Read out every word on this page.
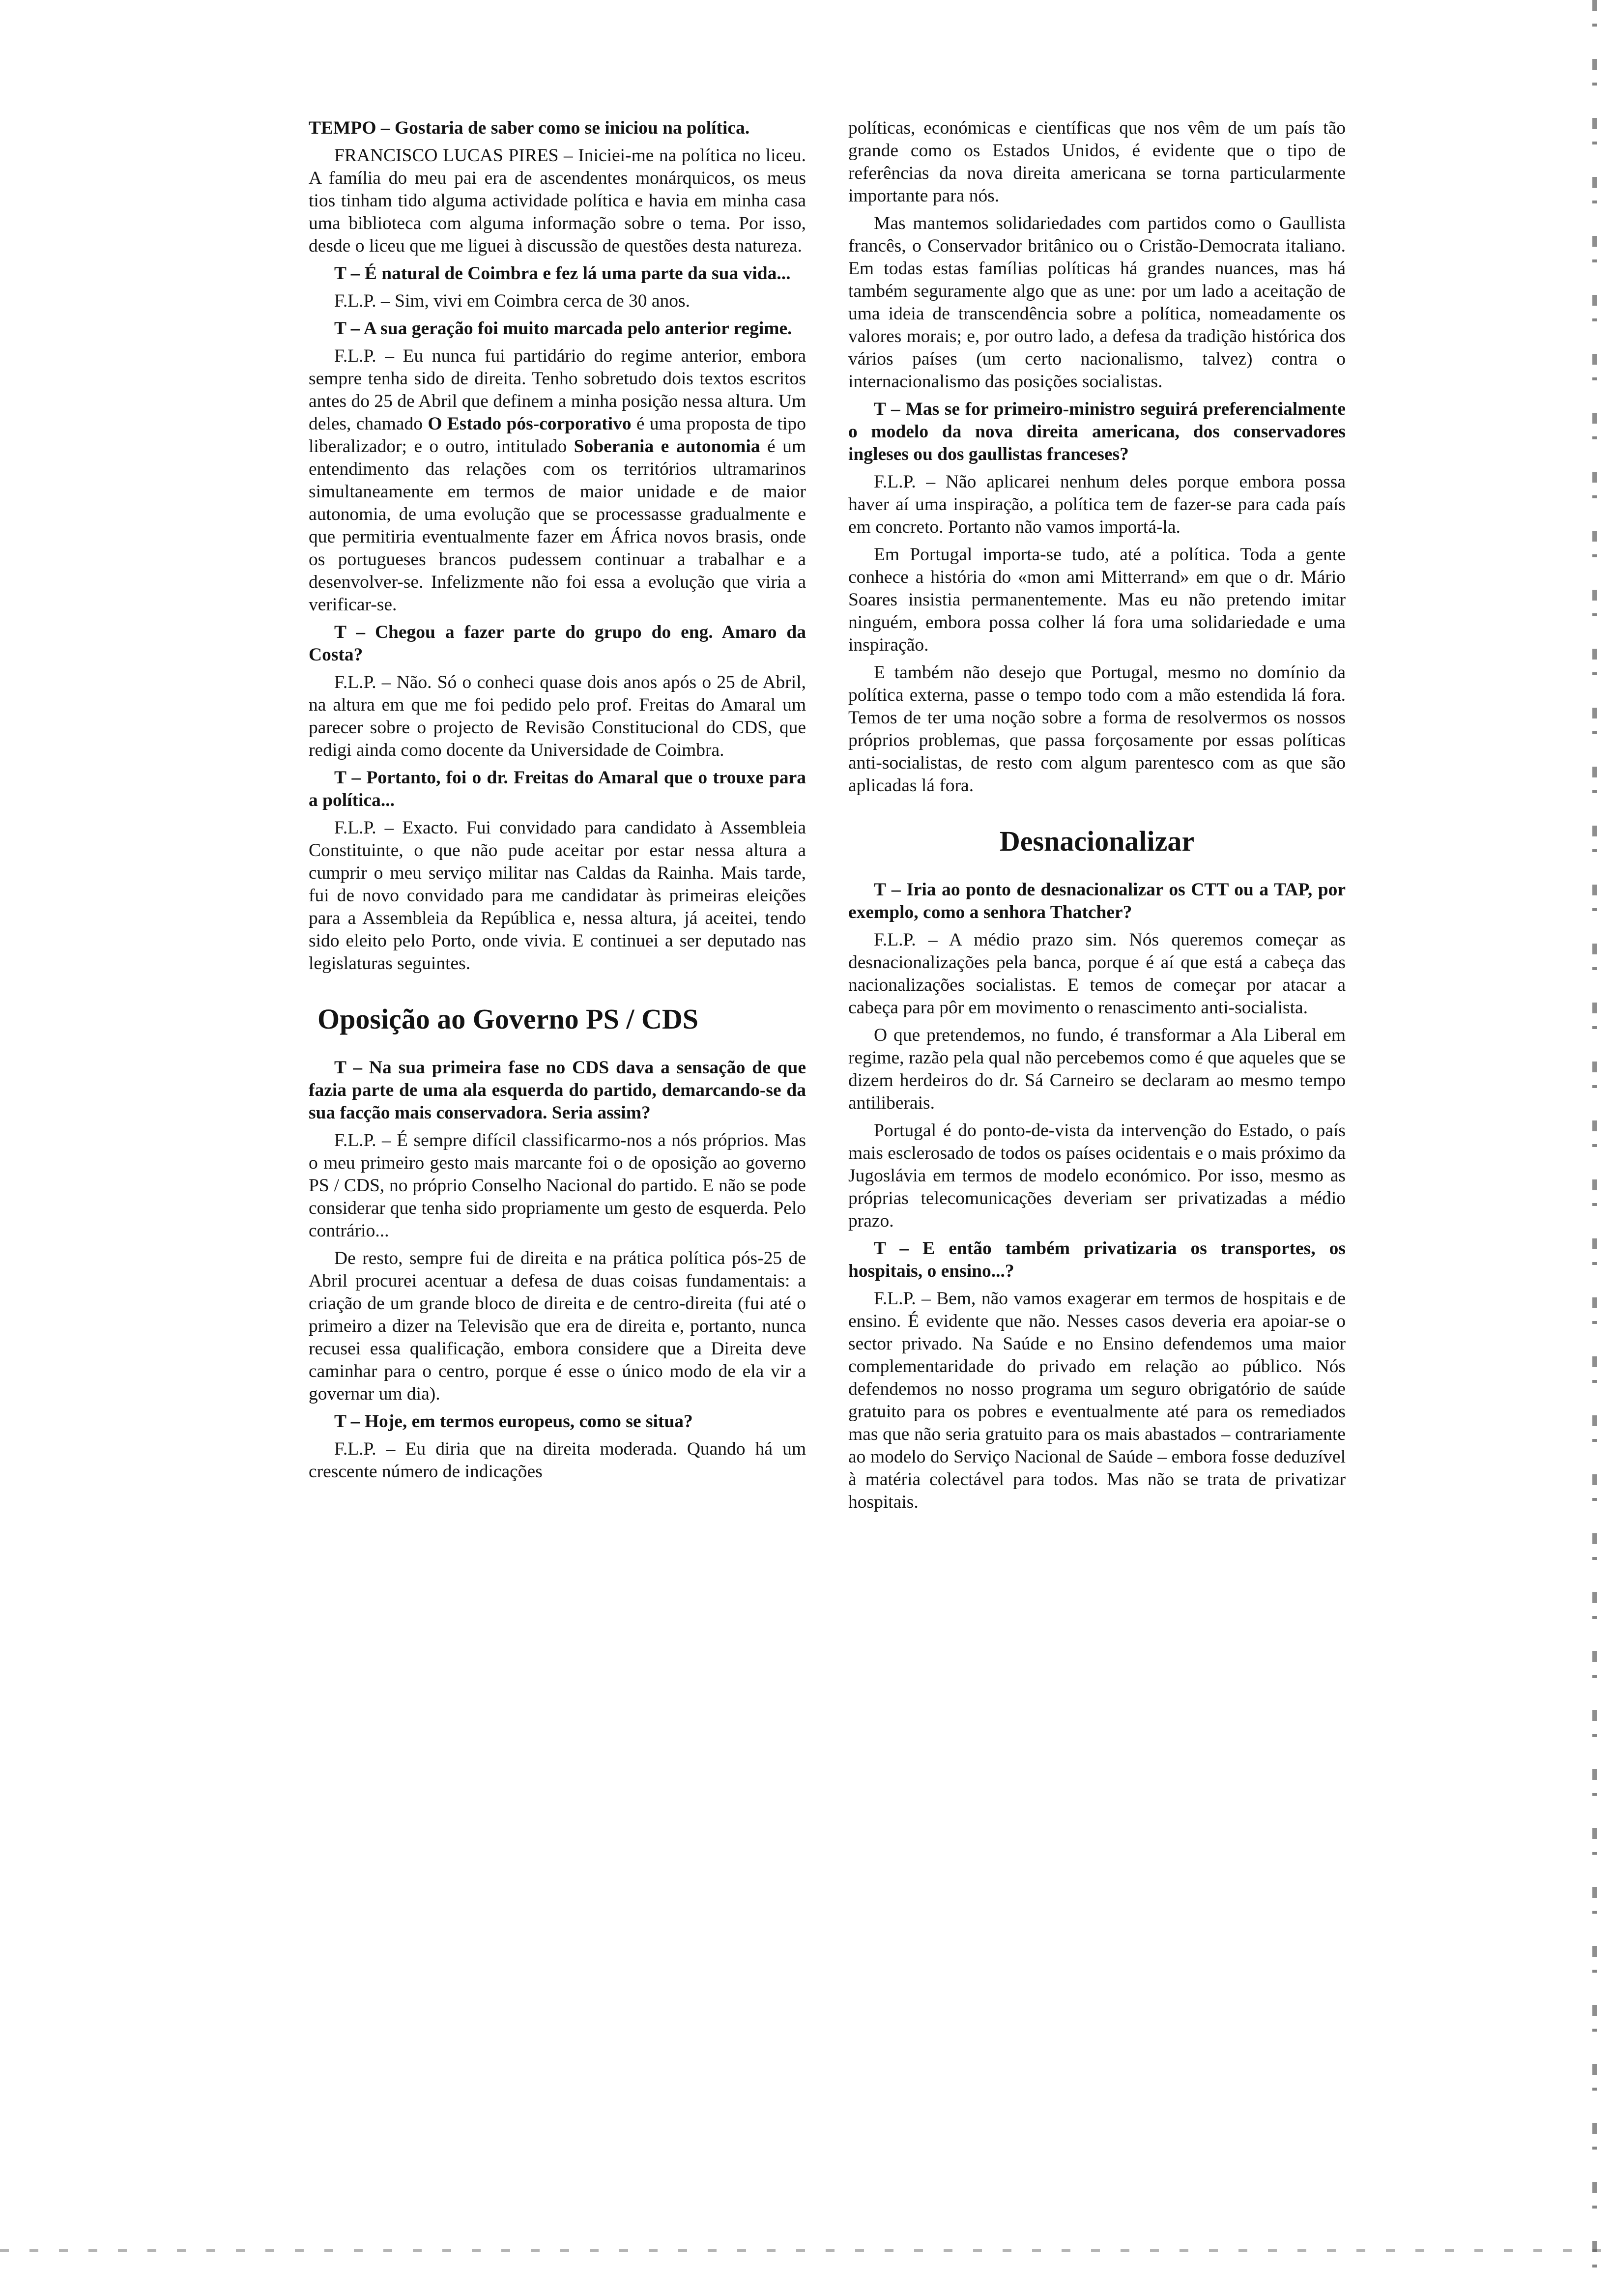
TEMPO – Gostaria de saber como se iniciou na política.

FRANCISCO LUCAS PIRES – Iniciei-me na política no liceu. A família do meu pai era de ascendentes monárquicos, os meus tios tinham tido alguma actividade política e havia em minha casa uma biblioteca com alguma informação sobre o tema. Por isso, desde o liceu que me liguei à discussão de questões desta natureza.

T – É natural de Coimbra e fez lá uma parte da sua vida...

F.L.P. – Sim, vivi em Coimbra cerca de 30 anos.

T – A sua geração foi muito marcada pelo anterior regime.

F.L.P. – Eu nunca fui partidário do regime anterior, embora sempre tenha sido de direita. Tenho sobretudo dois textos escritos antes do 25 de Abril que definem a minha posição nessa altura. Um deles, chamado O Estado pós-corporativo é uma proposta de tipo liberalizador; e o outro, intitulado Soberania e autonomia é um entendimento das relações com os territórios ultramarinos simultaneamente em termos de maior unidade e de maior autonomia, de uma evolução que se processasse gradualmente e que permitiria eventualmente fazer em África novos brasis, onde os portugueses brancos pudessem continuar a trabalhar e a desenvolver-se. Infelizmente não foi essa a evolução que viria a verificar-se.

T – Chegou a fazer parte do grupo do eng. Amaro da Costa?

F.L.P. – Não. Só o conheci quase dois anos após o 25 de Abril, na altura em que me foi pedido pelo prof. Freitas do Amaral um parecer sobre o projecto de Revisão Constitucional do CDS, que redigi ainda como docente da Universidade de Coimbra.

T – Portanto, foi o dr. Freitas do Amaral que o trouxe para a política...

F.L.P. – Exacto. Fui convidado para candidato à Assembleia Constituinte, o que não pude aceitar por estar nessa altura a cumprir o meu serviço militar nas Caldas da Rainha. Mais tarde, fui de novo convidado para me candidatar às primeiras eleições para a Assembleia da República e, nessa altura, já aceitei, tendo sido eleito pelo Porto, onde vivia. E continuei a ser deputado nas legislaturas seguintes.

Oposição ao Governo PS / CDS

T – Na sua primeira fase no CDS dava a sensação de que fazia parte de uma ala esquerda do partido, demarcando-se da sua facção mais conservadora. Seria assim?

F.L.P. – É sempre difícil classificarmo-nos a nós próprios. Mas o meu primeiro gesto mais marcante foi o de oposição ao governo PS / CDS, no próprio Conselho Nacional do partido. E não se pode considerar que tenha sido propriamente um gesto de esquerda. Pelo contrário...

De resto, sempre fui de direita e na prática política pós-25 de Abril procurei acentuar a defesa de duas coisas fundamentais: a criação de um grande bloco de direita e de centro-direita (fui até o primeiro a dizer na Televisão que era de direita e, portanto, nunca recusei essa qualificação, embora considere que a Direita deve caminhar para o centro, porque é esse o único modo de ela vir a governar um dia).

T – Hoje, em termos europeus, como se situa?

F.L.P. – Eu diria que na direita moderada. Quando há um crescente número de indicações

políticas, económicas e científicas que nos vêm de um país tão grande como os Estados Unidos, é evidente que o tipo de referências da nova direita americana se torna particularmente importante para nós.

Mas mantemos solidariedades com partidos como o Gaullista francês, o Conservador britânico ou o Cristão-Democrata italiano. Em todas estas famílias políticas há grandes nuances, mas há também seguramente algo que as une: por um lado a aceitação de uma ideia de transcendência sobre a política, nomeadamente os valores morais; e, por outro lado, a defesa da tradição histórica dos vários países (um certo nacionalismo, talvez) contra o internacionalismo das posições socialistas.

T – Mas se for primeiro-ministro seguirá preferencialmente o modelo da nova direita americana, dos conservadores ingleses ou dos gaullistas franceses?

F.L.P. – Não aplicarei nenhum deles porque embora possa haver aí uma inspiração, a política tem de fazer-se para cada país em concreto. Portanto não vamos importá-la.

Em Portugal importa-se tudo, até a política. Toda a gente conhece a história do «mon ami Mitterrand» em que o dr. Mário Soares insistia permanentemente. Mas eu não pretendo imitar ninguém, embora possa colher lá fora uma solidariedade e uma inspiração.

E também não desejo que Portugal, mesmo no domínio da política externa, passe o tempo todo com a mão estendida lá fora. Temos de ter uma noção sobre a forma de resolvermos os nossos próprios problemas, que passa forçosamente por essas políticas anti-socialistas, de resto com algum parentesco com as que são aplicadas lá fora.

Desnacionalizar

T – Iria ao ponto de desnacionalizar os CTT ou a TAP, por exemplo, como a senhora Thatcher?

F.L.P. – A médio prazo sim. Nós queremos começar as desnacionalizações pela banca, porque é aí que está a cabeça das nacionalizações socialistas. E temos de começar por atacar a cabeça para pôr em movimento o renascimento anti-socialista.

O que pretendemos, no fundo, é transformar a Ala Liberal em regime, razão pela qual não percebemos como é que aqueles que se dizem herdeiros do dr. Sá Carneiro se declaram ao mesmo tempo antiliberais.

Portugal é do ponto-de-vista da intervenção do Estado, o país mais esclerosado de todos os países ocidentais e o mais próximo da Jugoslávia em termos de modelo económico. Por isso, mesmo as próprias telecomunicações deveriam ser privatizadas a médio prazo.

T – E então também privatizaria os transportes, os hospitais, o ensino...?

F.L.P. – Bem, não vamos exagerar em termos de hospitais e de ensino. É evidente que não. Nesses casos deveria era apoiar-se o sector privado. Na Saúde e no Ensino defendemos uma maior complementaridade do privado em relação ao público. Nós defendemos no nosso programa um seguro obrigatório de saúde gratuito para os pobres e eventualmente até para os remediados mas que não seria gratuito para os mais abastados – contrariamente ao modelo do Serviço Nacional de Saúde – embora fosse deduzível à matéria colectável para todos. Mas não se trata de privatizar hospitais.
